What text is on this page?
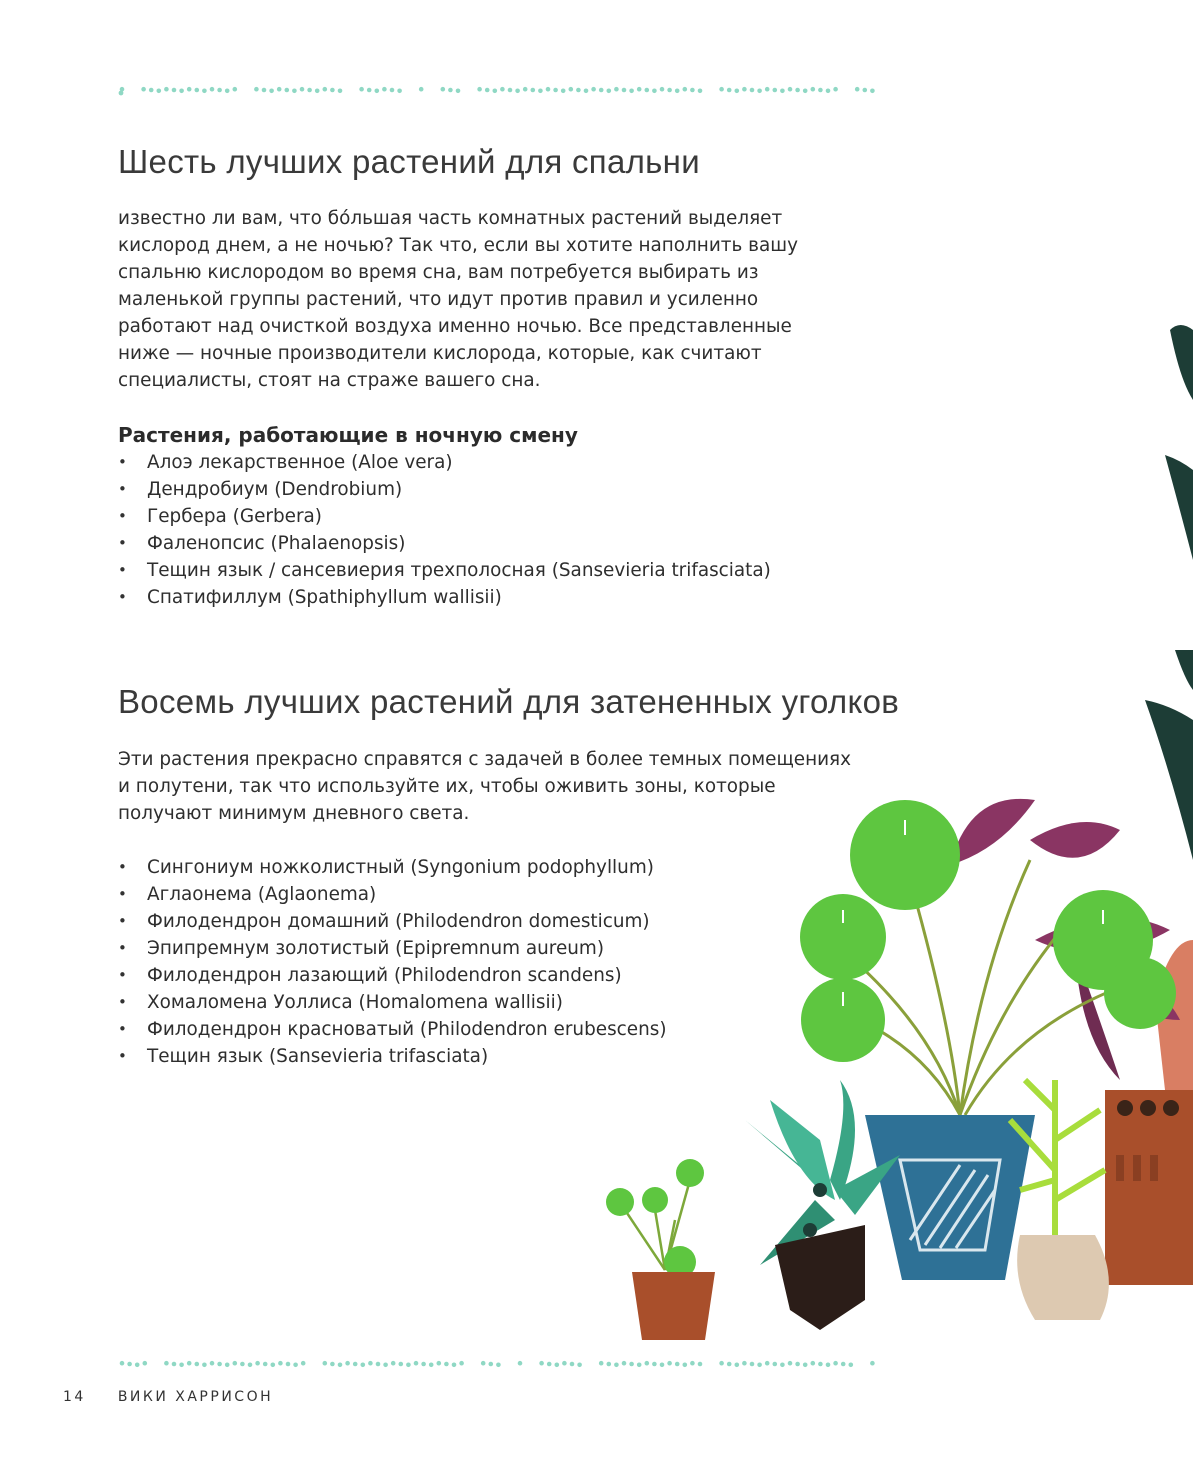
Шесть лучших растений для спальни

известно ли вам, что бо́льшая часть комнатных растений выделяет
кислород днем, а не ночью? Так что, если вы хотите наполнить вашу
спальню кислородом во время сна, вам потребуется выбирать из
маленькой группы растений, что идут против правил и усиленно
работают над очисткой воздуха именно ночью. Все представленные
ниже — ночные производители кислорода, которые, как считают
специалисты, стоят на страже вашего сна.

Растения, работающие в ночную смену
• Алоэ лекарственное (Aloe vera)
• Дендробиум (Dendrobium)
• Гербера (Gerbera)
• Фаленопсис (Phalaenopsis)
• Тещин язык / сансевиерия трехполосная (Sansevieria trifasciata)
• Спатифиллум (Spathiphyllum wallisii)
Восемь лучших растений для затененных уголков

Эти растения прекрасно справятся с задачей в более темных помещениях
и полутени, так что используйте их, чтобы оживить зоны, которые
получают минимум дневного света.

• Сингониум ножколистный (Syngonium podophyllum)
• Аглаонема (Aglaonema)
• Филодендрон домашний (Philodendron domesticum)
• Эпипремнум золотистый (Epipremnum aureum)
• Филодендрон лазающий (Philodendron scandens)
• Хомаломена Уоллиса (Homalomena wallisii)
• Филодендрон красноватый (Philodendron erubescens)
• Тещин язык (Sansevieria trifasciata)

14 ВИКИ ХАРРИСОН
